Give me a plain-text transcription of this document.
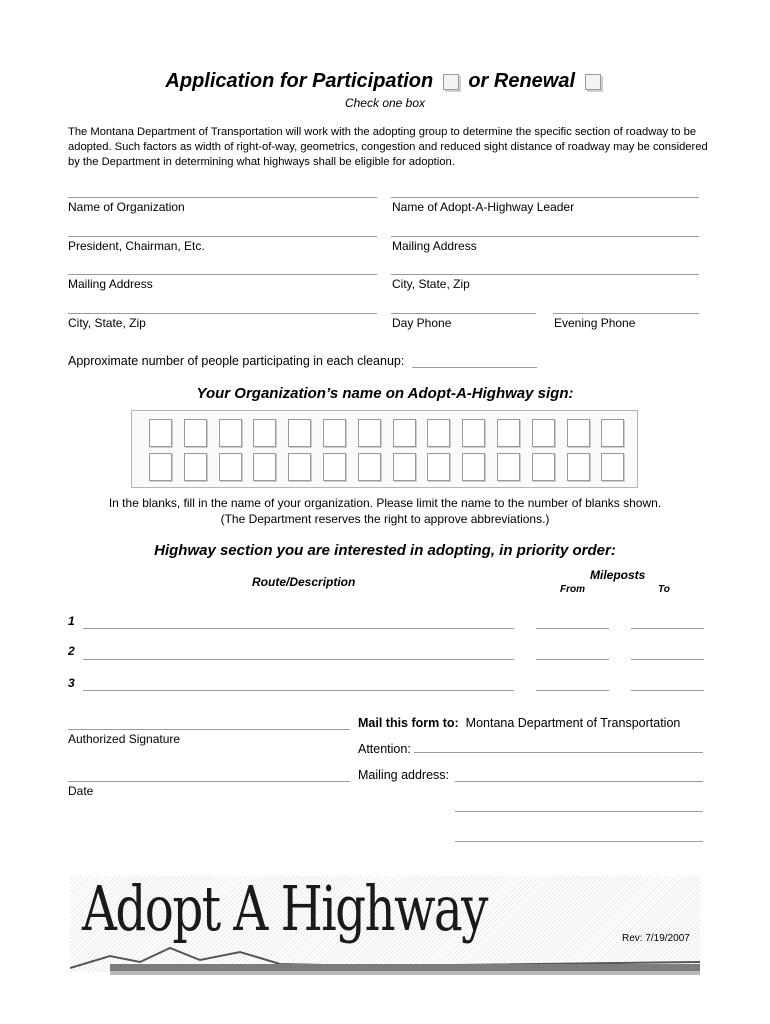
Application for Participation or Renewal
Check one box
The Montana Department of Transportation will work with the adopting group to determine the specific section of roadway to be adopted. Such factors as width of right-of-way, geometrics, congestion and reduced sight distance of roadway may be considered by the Department in determining what highways shall be eligible for adoption.
Name of Organization	Name of Adopt-A-Highway Leader
President, Chairman, Etc.	Mailing Address
Mailing Address	City, State, Zip
City, State, Zip	Day Phone	Evening Phone
Approximate number of people participating in each cleanup:
Your Organization’s name on Adopt-A-Highway sign:
In the blanks, fill in the name of your organization. Please limit the name to the number of blanks shown.
(The Department reserves the right to approve abbreviations.)
Highway section you are interested in adopting, in priority order:
Route/Description	Mileposts
From	To
1
2
3
Authorized Signature
Date
Mail this form to: Montana Department of Transportation
Attention:
Mailing address:
Adopt A Highway	Rev: 7/19/2007
